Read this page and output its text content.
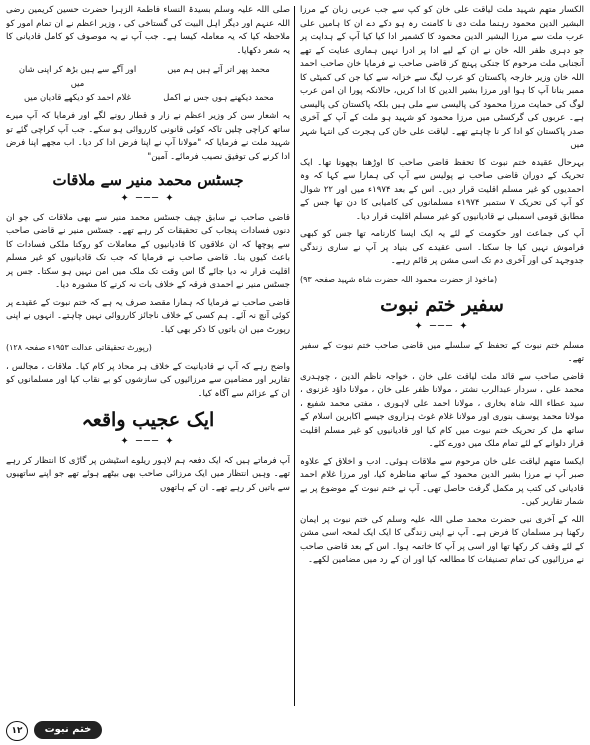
الکسار متھم شہید ملت لیاقت علی خان کو کپ سے جب عربی زبان کے مرزا البشیر الدین محمود رہنما ملت دی نا کامنت رہ ہو دکے دے ان کا ہامیں علی عرب ملت سے مرزا البشیر الدین محمود کا کشمیر ادا کیا کیا آپ کے ہدایت پر جو دہری ظفر اللہ خان نے ان کے لیے ادا پر ادرا نہیں ہماری عنایت کے تھے آنجنابی ملت مرحوم کا جنکی پہنچ کر قاضی صاحب نے فرمایا خان صاحب احمد اللہ خان وزیر خارجہ پاکستان کو عرب لیگ سے خزانہ سے کیا جن کی کمیٹی کا ممبر بنانا آپ کا ہوا اور مرزا بشیر الدین کا ادا کریں، حالانکہ پورا ان امن عرب لوگ کی حمایت مرزا محمود کی پالیسی سے ملی ہیں بلکہ پاکستان کی پالیسی ہے۔ عربوں کی گرکسٹی میں مرزا محمود کو شہید ہو ملت کے آپ کے آخری صدر پاکستان کو ادا کر نا چاہتے تھے۔ لیاقت علی خان کی ہجرت کی انتہا شہر میں

بہرحال عقیدہ ختم نبوت کا تحفظ قاضی صاحب کا اوڑھنا بچھونا تھا۔ ایک تحریک کے دوران قاضی صاحب نے پولیس سے آپ کی ہمارا سے کہا کہ وہ احمدیوں کو غیر مسلم اقلیت قرار دیں۔ اس کے بعد ۱۹۷۴ء میں اور ۲۲ شوال کو آپ کی تحریک ۷ ستمبر ۱۹۷۴ء مسلمانوں کی کامیابی کا دن تھا جس کے مطابق قومی اسمبلی نے قادیانیوں کو غیر مسلم اقلیت قرار دیا۔

آپ کی جماعت اور حکومت کے لئے یہ ایک ایسا کارنامہ تھا جس کو کبھی فراموش نہیں کیا جا سکتا۔ اسی عقیدے کی بنیاد پر آپ نے ساری زندگی جدوجہد کی اور آخری دم تک اسی مشن پر قائم رہے۔

(ماخوذ از حضرت محمود اللہ حضرت شاہ شہید صفحہ ۹۳)
سفیر ختم نبوت
✦ ─── ✦

مسلم ختم نبوت کے تحفظ کے سلسلے میں قاضی صاحب ختم نبوت کے سفیر تھے۔

قاضی صاحب سے قائد ملت لیاقت علی خان ، خواجہ ناظم الدین ، چوہدری محمد علی ، سردار عبدالرب نشتر ، مولانا ظفر علی خان ، مولانا داؤد غزنوی ، سید عطاء اللہ شاہ بخاری ، مولانا احمد علی لاہوری ، مفتی محمد شفیع ، مولانا محمد یوسف بنوری اور مولانا غلام غوث ہزاروی جیسے اکابرین اسلام کے ساتھ مل کر تحریک ختم نبوت میں کام کیا اور قادیانیوں کو غیر مسلم اقلیت قرار دلوانے کے لئے تمام ملک میں دورے کئے۔

ایکسا متھم لیاقت علی خان مرحوم سے ملاقات ہوئی۔ ادب و اخلاق کے علاوہ صبر آپ نے مرزا بشیر الدین محمود کے ساتھ مناظرہ کیا، اور مرزا غلام احمد قادیانی کی کتب پر مکمل گرفت حاصل تھی۔ آپ نے ختم نبوت کے موضوع پر بے شمار تقاریر کیں۔

اللہ کے آخری نبی حضرت محمد صلی اللہ علیہ وسلم کی ختم نبوت پر ایمان رکھنا ہر مسلمان کا فرض ہے۔ آپ نے اپنی زندگی کا ایک ایک لمحہ اسی مشن کے لئے وقف کر رکھا تھا اور اسی پر آپ کا خاتمہ ہوا۔ اس کے بعد قاضی صاحب نے مرزائیوں کی تمام تصنیفات کا مطالعہ کیا اور ان کے رد میں مضامین لکھے۔

صلی اللہ علیہ وسلم بسیدۃ النساء فاطمۃ الزہرا حضرت حسین کریمین رضی اللہ عنہم اور دیگر اہل البیت کی گستاخی کی ، وزیر اعظم نے ان تمام امور کو ملاحظہ کیا کہ یہ معاملہ کیسا ہے۔ جب آپ نے یہ موصوف کو کامل قادیانی کا یہ شعر دکھایا۔

محمد پھر اتر آئے ہیں ہم میں
اور آگے سے ہیں بڑھ کر اپنی شان میں
محمد دیکھنے ہوں جس نے اکمل
غلام احمد کو دیکھے قادیان میں

یہ اشعار سن کر وزیر اعظم نے زار و قطار رونے لگے اور فرمایا کہ آپ میرے ساتھ کراچی چلیں تاکہ کوئی قانونی کارروائی ہو سکے۔ جب آپ کراچی گئے تو شہید ملت نے فرمایا کہ "مولانا آپ نے اپنا فرض ادا کر دیا۔ اب مجھے اپنا فرض ادا کرنے کی توفیق نصیب فرمائے۔ آمین"

جسٹس محمد منیر سے ملاقات
✦ ─── ✦

قاضی صاحب نے سابق چیف جسٹس محمد منیر سے بھی ملاقات کی جو ان دنوں فسادات پنجاب کی تحقیقات کر رہے تھے۔ جسٹس منیر نے قاضی صاحب سے پوچھا کہ ان علاقوں کا قادیانیوں کے معاملات کو روکنا ملکی فسادات کا باعث کیوں بنا۔ قاضی صاحب نے فرمایا کہ جب تک قادیانیوں کو غیر مسلم اقلیت قرار نہ دیا جائے گا اس وقت تک ملک میں امن نہیں ہو سکتا۔ جس پر جسٹس منیر نے احمدی فرقہ کے خلاف بات نہ کرنے کا مشورہ دیا۔

قاضی صاحب نے فرمایا کہ ہمارا مقصد صرف یہ ہے کہ ختم نبوت کے عقیدے پر کوئی آنچ نہ آئے۔ ہم کسی کے خلاف ناجائز کارروائی نہیں چاہتے۔ انہوں نے اپنی رپورٹ میں ان باتوں کا ذکر بھی کیا۔

(رپورٹ تحقیقاتی عدالت ۱۹۵۳ء صفحہ ۱۲۸)

واضح رہے کہ آپ نے قادیانیت کے خلاف ہر محاذ پر کام کیا۔ ملاقات ، مجالس ، تقاریر اور مضامین سے مرزائیوں کی سازشوں کو بے نقاب کیا اور مسلمانوں کو ان کے عزائم سے آگاہ کیا۔

ایک عجیب واقعہ
✦ ─── ✦

آپ فرماتے ہیں کہ ایک دفعہ ہم لاہور ریلوے اسٹیشن پر گاڑی کا انتظار کر رہے تھے۔ وہیں انتظار میں ایک مرزائی صاحب بھی بیٹھے ہوئے تھے جو اپنے ساتھیوں سے باتیں کر رہے تھے۔ ان کے ہاتھوں

۱۲	ختم نبوت
